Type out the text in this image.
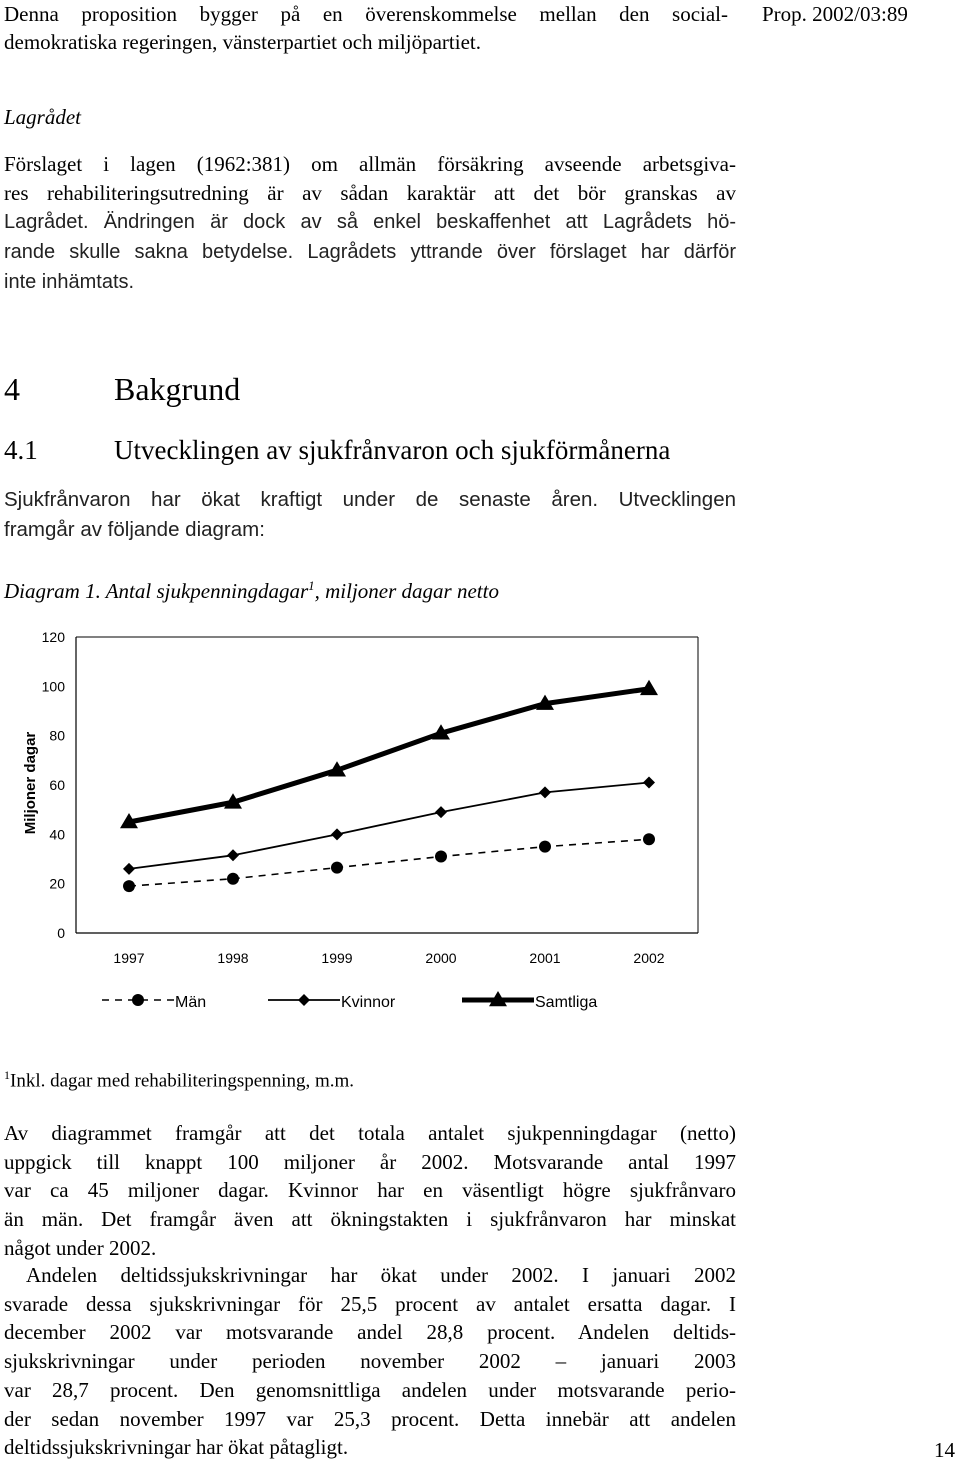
Denna proposition bygger på en överenskommelse mellan den social-
demokratiska regeringen, vänsterpartiet och miljöpartiet.
Prop. 2002/03:89
Lagrådet
Förslaget i lagen (1962:381) om allmän försäkring avseende arbetsgiva-
res rehabiliteringsutredning är av sådan karaktär att det bör granskas av
Lagrådet. Ändringen är dock av så enkel beskaffenhet att Lagrådets hö-
rande skulle sakna betydelse. Lagrådets yttrande över förslaget har därför
inte inhämtats.
4	Bakgrund
4.1	Utvecklingen av sjukfrånvaron och sjukförmånerna
Sjukfrånvaron har ökat kraftigt under de senaste åren. Utvecklingen
framgår av följande diagram:
Diagram 1. Antal sjukpenningdagar$^1$, miljoner dagar netto
0
20
40
60
80
100
120
1997	1998	1999	2000	2001	2002
Män	Kvinnor	Samtliga
Miljoner dagar
$^1$Inkl. dagar med rehabiliteringspenning, m.m.
Av diagrammet framgår att det totala antalet sjukpenningdagar (netto)
uppgick till knappt 100 miljoner år 2002. Motsvarande antal 1997
var ca 45 miljoner dagar. Kvinnor har en väsentligt högre sjukfrånvaro
än män. Det framgår även att ökningstakten i sjukfrånvaron har minskat
något under 2002.
Andelen deltidssjukskrivningar har ökat under 2002. I januari 2002
svarade dessa sjukskrivningar för 25,5 procent av antalet ersatta dagar. I
december 2002 var motsvarande andel 28,8 procent. Andelen deltids-
sjukskrivningar under perioden november 2002 – januari 2003
var 28,7 procent. Den genomsnittliga andelen under motsvarande perio-
der sedan november 1997 var 25,3 procent. Detta innebär att andelen
deltidssjukskrivningar har ökat påtagligt.	14
